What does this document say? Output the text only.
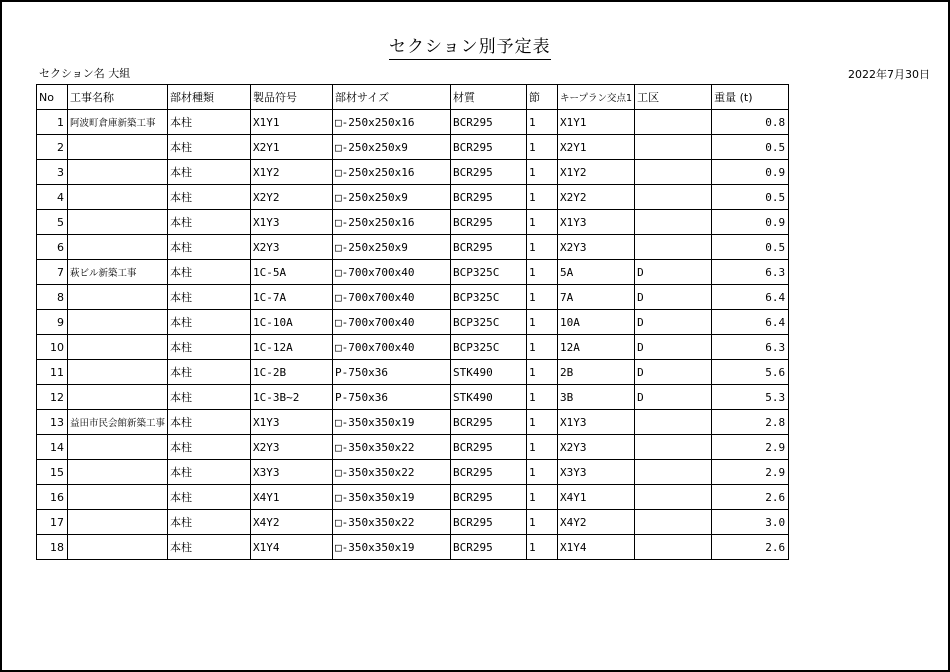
セクション別予定表
セクション名 大組	2022年7月30日
No	工事名称	部材種類	製品符号	部材サイズ	材質	節	キープラン交点1	工区	重量 (t)
1	阿波町倉庫新築工事	本柱	X1Y1	□-250x250x16	BCR295	1	X1Y1		0.8
2		本柱	X2Y1	□-250x250x9	BCR295	1	X2Y1		0.5
3		本柱	X1Y2	□-250x250x16	BCR295	1	X1Y2		0.9
4		本柱	X2Y2	□-250x250x9	BCR295	1	X2Y2		0.5
5		本柱	X1Y3	□-250x250x16	BCR295	1	X1Y3		0.9
6		本柱	X2Y3	□-250x250x9	BCR295	1	X2Y3		0.5
7	萩ビル新築工事	本柱	1C-5A	□-700x700x40	BCP325C	1	5A	D	6.3
8		本柱	1C-7A	□-700x700x40	BCP325C	1	7A	D	6.4
9		本柱	1C-10A	□-700x700x40	BCP325C	1	10A	D	6.4
10		本柱	1C-12A	□-700x700x40	BCP325C	1	12A	D	6.3
11		本柱	1C-2B	P-750x36	STK490	1	2B	D	5.6
12		本柱	1C-3B~2	P-750x36	STK490	1	3B	D	5.3
13	益田市民会館新築工事	本柱	X1Y3	□-350x350x19	BCR295	1	X1Y3		2.8
14		本柱	X2Y3	□-350x350x22	BCR295	1	X2Y3		2.9
15		本柱	X3Y3	□-350x350x22	BCR295	1	X3Y3		2.9
16		本柱	X4Y1	□-350x350x19	BCR295	1	X4Y1		2.6
17		本柱	X4Y2	□-350x350x22	BCR295	1	X4Y2		3.0
18		本柱	X1Y4	□-350x350x19	BCR295	1	X1Y4		2.6
